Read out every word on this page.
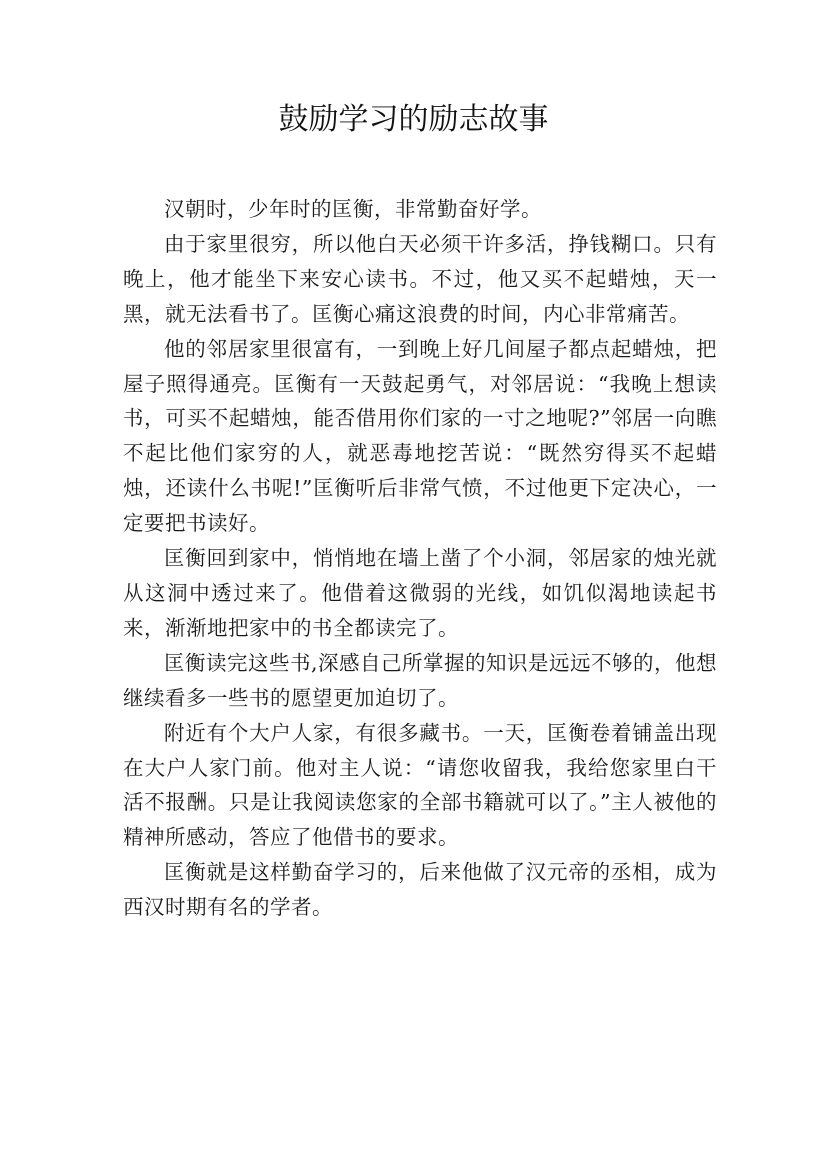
鼓励学习的励志故事

汉朝时，少年时的匡衡，非常勤奋好学。

由于家里很穷，所以他白天必须干许多活，挣钱糊口。只有晚上，他才能坐下来安心读书。不过，他又买不起蜡烛，天一黑，就无法看书了。匡衡心痛这浪费的时间，内心非常痛苦。

他的邻居家里很富有，一到晚上好几间屋子都点起蜡烛，把屋子照得通亮。匡衡有一天鼓起勇气，对邻居说：“我晚上想读书，可买不起蜡烛，能否借用你们家的一寸之地呢?”邻居一向瞧不起比他们家穷的人，就恶毒地挖苦说：“既然穷得买不起蜡烛，还读什么书呢!”匡衡听后非常气愤，不过他更下定决心，一定要把书读好。

匡衡回到家中，悄悄地在墙上凿了个小洞，邻居家的烛光就从这洞中透过来了。他借着这微弱的光线，如饥似渴地读起书来，渐渐地把家中的书全都读完了。

匡衡读完这些书,深感自己所掌握的知识是远远不够的，他想继续看多一些书的愿望更加迫切了。

附近有个大户人家，有很多藏书。一天，匡衡卷着铺盖出现在大户人家门前。他对主人说：“请您收留我，我给您家里白干活不报酬。只是让我阅读您家的全部书籍就可以了。”主人被他的精神所感动，答应了他借书的要求。

匡衡就是这样勤奋学习的，后来他做了汉元帝的丞相，成为西汉时期有名的学者。
